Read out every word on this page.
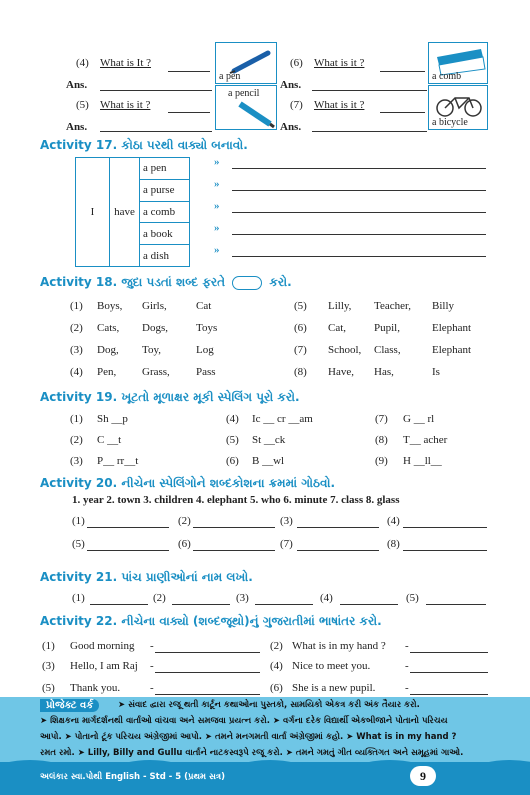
(4) What is It ?
Ans.
a pen
(5) What is it ?
Ans.
a pencil
(6) What is it ?
Ans.
a comb
(7) What is it ?
Ans.	a bicycle
Activity 17. કોઠા પરથી વાક્યો બનાવો.
I	have	a pen
a purse
a comb
a book
a dish
»
»
»
»
»
Activity 18. જુદા પડતાં શબ્દ ફરતે	કરો.
(1) Boys, Girls,	Cat
(2) Cats, Dogs,	Toys
(3) Dog, Toy,	Log
(4) Pen, Grass, Pass
(5) Lilly, Teacher, Billy
(6) Cat,	Pupil,	Elephant
(7) School, Class,	Elephant
(8) Have, Has,	Is
Activity 19. ખૂટતો મૂળાક્ષર મૂકી સ્પેલિંગ પૂરો કરો.
(1) Sh __p
(2) C __t
(3) P__ rr__t
(4) Ic __ cr __am
(5) St __ck
(6) B __wl
(7) G __ rl
(8) T__ acher
(9) H __ll__
Activity 20. નીચેના સ્પેલિંગોને શબ્દકોશના ક્રમમાં ગોઠવો.
1. year 2. town 3. children 4. elephant 5. who 6. minute 7. class 8. glass
(1)	(2)	(3)	(4)
(5)	(6)	(7)	(8)
Activity 21. પાંચ પ્રાણીઓનાં નામ લખો.
(1)	(2)	(3)	(4)	(5)
Activity 22. નીચેના વાક્યો (શબ્દજૂથો)નું ગુજરાતીમાં ભાષાંતર કરો.
(1) Good morning -	(2) What is in my hand ? -
(3) Hello, I am Raj -	(4) Nice to meet you.	-
(5) Thank you.	-	(6) She is a new pupil.	-
પ્રોજેક્ટ વર્ક	➤ સંવાદ દ્વારા રજૂ થતી કાર્ટૂન કથાઓના પુસ્તકો, સામયિકો એકત્ર કરી અંક તૈયાર કરો.
➤ શિક્ષકના માર્ગદર્શનથી વાર્તાઓ વાંચવા અને સમજવા પ્રયત્ન કરો. ➤ વર્ગના દરેક વિદ્યાર્થી એકબીજાને પોતાનો પરિચય
આપો. ➤ પોતાનો ટૂંક પરિચય અંગ્રેજીમાં આપો. ➤ તમને મનગમતી વાર્તા અંગ્રેજીમાં કહો. ➤ What is in my hand ?
રમત રમો. ➤ Lilly, Billy and Gullu વાર્તાને નાટકસ્વરૂપે રજૂ કરો. ➤ તમને ગમતું ગીત વ્યક્તિગત અને સમૂહમાં ગાઓ.
અલંકાર સ્વા.પોથી English - Std - 5 (પ્રથમ સત્ર)	9
